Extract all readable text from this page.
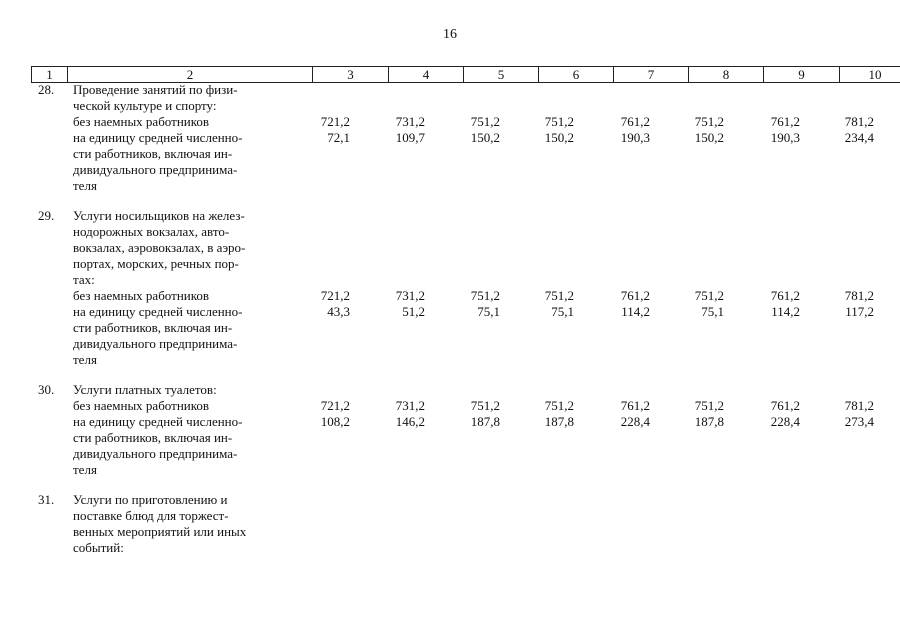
16
1	2	3	4	5	6	7	8	9	10
28.	Проведение занятий по физи-
ческой культуре и спорту:
без наемных работников	721,2	731,2	751,2	751,2	761,2	751,2	761,2	781,2
на единицу средней численно-	72,1	109,7	150,2	150,2	190,3	150,2	190,3	234,4
сти работников, включая ин-
дивидуального предпринима-
теля
29.	Услуги носильщиков на желез-
нодорожных вокзалах, авто-
вокзалах, аэровокзалах, в аэро-
портах, морских, речных пор-
тах:
без наемных работников	721,2	731,2	751,2	751,2	761,2	751,2	761,2	781,2
на единицу средней численно-	43,3	51,2	75,1	75,1	114,2	75,1	114,2	117,2
сти работников, включая ин-
дивидуального предпринима-
теля
30.	Услуги платных туалетов:
без наемных работников	721,2	731,2	751,2	751,2	761,2	751,2	761,2	781,2
на единицу средней численно-	108,2	146,2	187,8	187,8	228,4	187,8	228,4	273,4
сти работников, включая ин-
дивидуального предпринима-
теля
31.	Услуги по приготовлению и
поставке блюд для торжест-
венных мероприятий или иных
событий:
